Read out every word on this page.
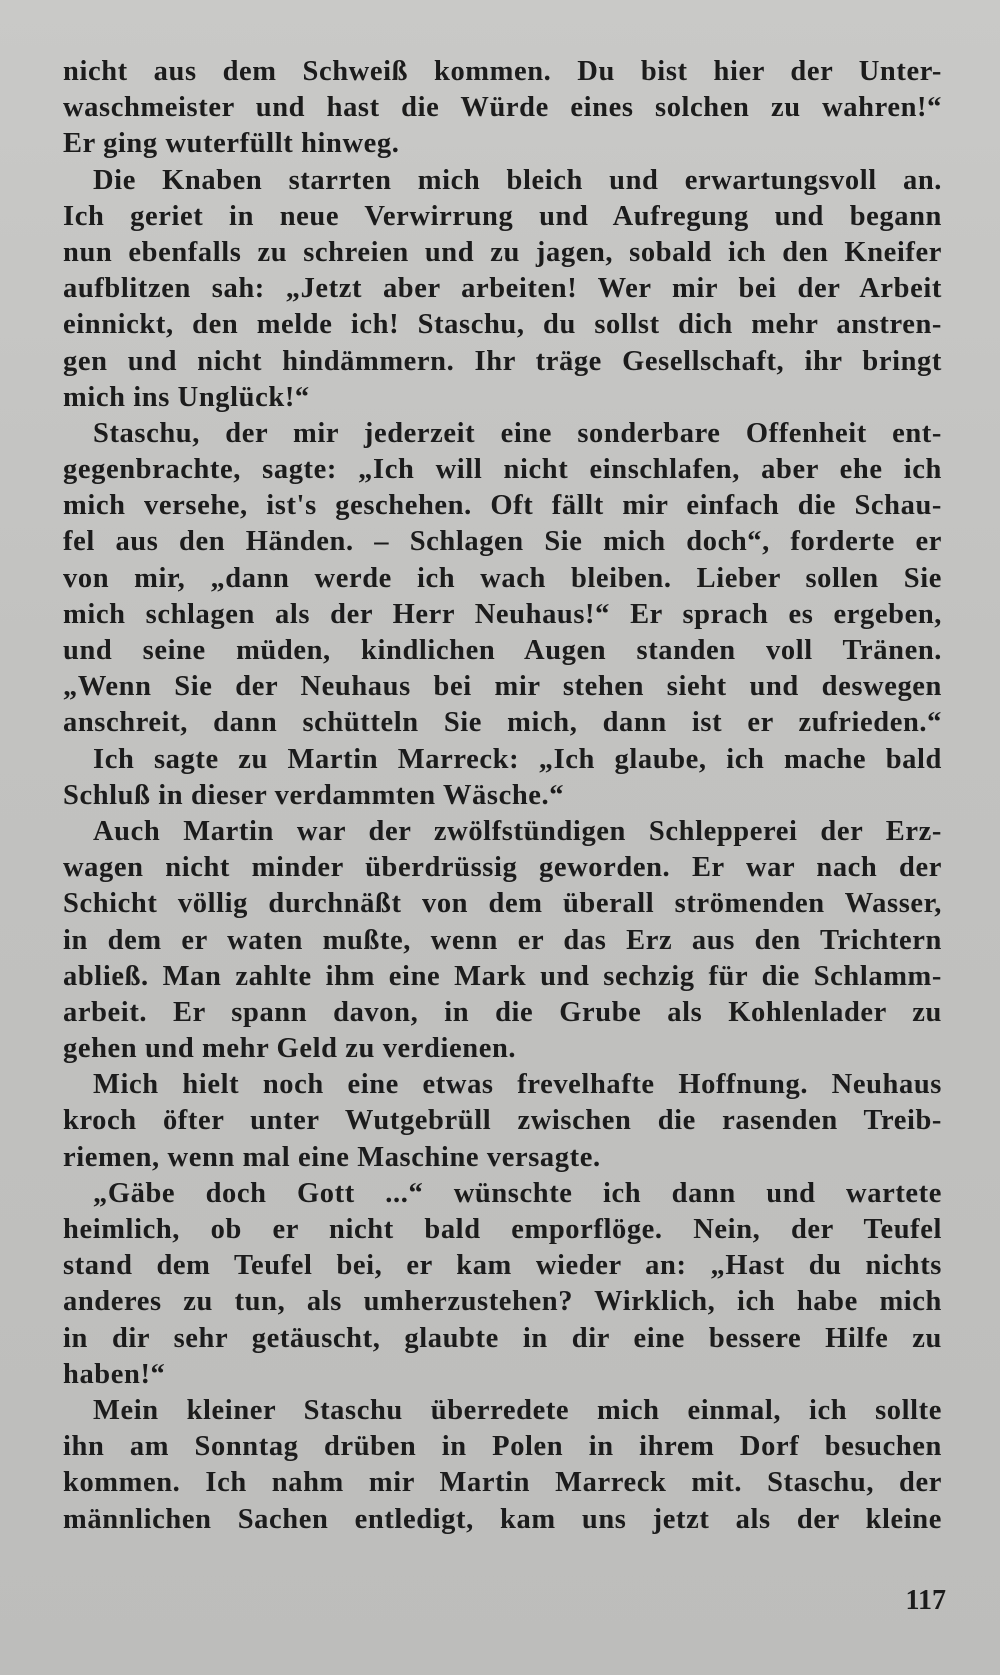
nicht aus dem Schweiß kommen. Du bist hier der Unter-
waschmeister und hast die Würde eines solchen zu wahren!“
Er ging wuterfüllt hinweg.
Die Knaben starrten mich bleich und erwartungsvoll an.
Ich geriet in neue Verwirrung und Aufregung und begann
nun ebenfalls zu schreien und zu jagen, sobald ich den Kneifer
aufblitzen sah: „Jetzt aber arbeiten! Wer mir bei der Arbeit
einnickt, den melde ich! Staschu, du sollst dich mehr anstren-
gen und nicht hindämmern. Ihr träge Gesellschaft, ihr bringt
mich ins Unglück!“
Staschu, der mir jederzeit eine sonderbare Offenheit ent-
gegenbrachte, sagte: „Ich will nicht einschlafen, aber ehe ich
mich versehe, ist's geschehen. Oft fällt mir einfach die Schau-
fel aus den Händen. – Schlagen Sie mich doch“, forderte er
von mir, „dann werde ich wach bleiben. Lieber sollen Sie
mich schlagen als der Herr Neuhaus!“ Er sprach es ergeben,
und seine müden, kindlichen Augen standen voll Tränen.
„Wenn Sie der Neuhaus bei mir stehen sieht und deswegen
anschreit, dann schütteln Sie mich, dann ist er zufrieden.“
Ich sagte zu Martin Marreck: „Ich glaube, ich mache bald
Schluß in dieser verdammten Wäsche.“
Auch Martin war der zwölfstündigen Schlepperei der Erz-
wagen nicht minder überdrüssig geworden. Er war nach der
Schicht völlig durchnäßt von dem überall strömenden Wasser,
in dem er waten mußte, wenn er das Erz aus den Trichtern
abließ. Man zahlte ihm eine Mark und sechzig für die Schlamm-
arbeit. Er spann davon, in die Grube als Kohlenlader zu
gehen und mehr Geld zu verdienen.
Mich hielt noch eine etwas frevelhafte Hoffnung. Neuhaus
kroch öfter unter Wutgebrüll zwischen die rasenden Treib-
riemen, wenn mal eine Maschine versagte.
„Gäbe doch Gott ...“ wünschte ich dann und wartete
heimlich, ob er nicht bald emporflöge. Nein, der Teufel
stand dem Teufel bei, er kam wieder an: „Hast du nichts
anderes zu tun, als umherzustehen? Wirklich, ich habe mich
in dir sehr getäuscht, glaubte in dir eine bessere Hilfe zu
haben!“
Mein kleiner Staschu überredete mich einmal, ich sollte
ihn am Sonntag drüben in Polen in ihrem Dorf besuchen
kommen. Ich nahm mir Martin Marreck mit. Staschu, der
männlichen Sachen entledigt, kam uns jetzt als der kleine
117
